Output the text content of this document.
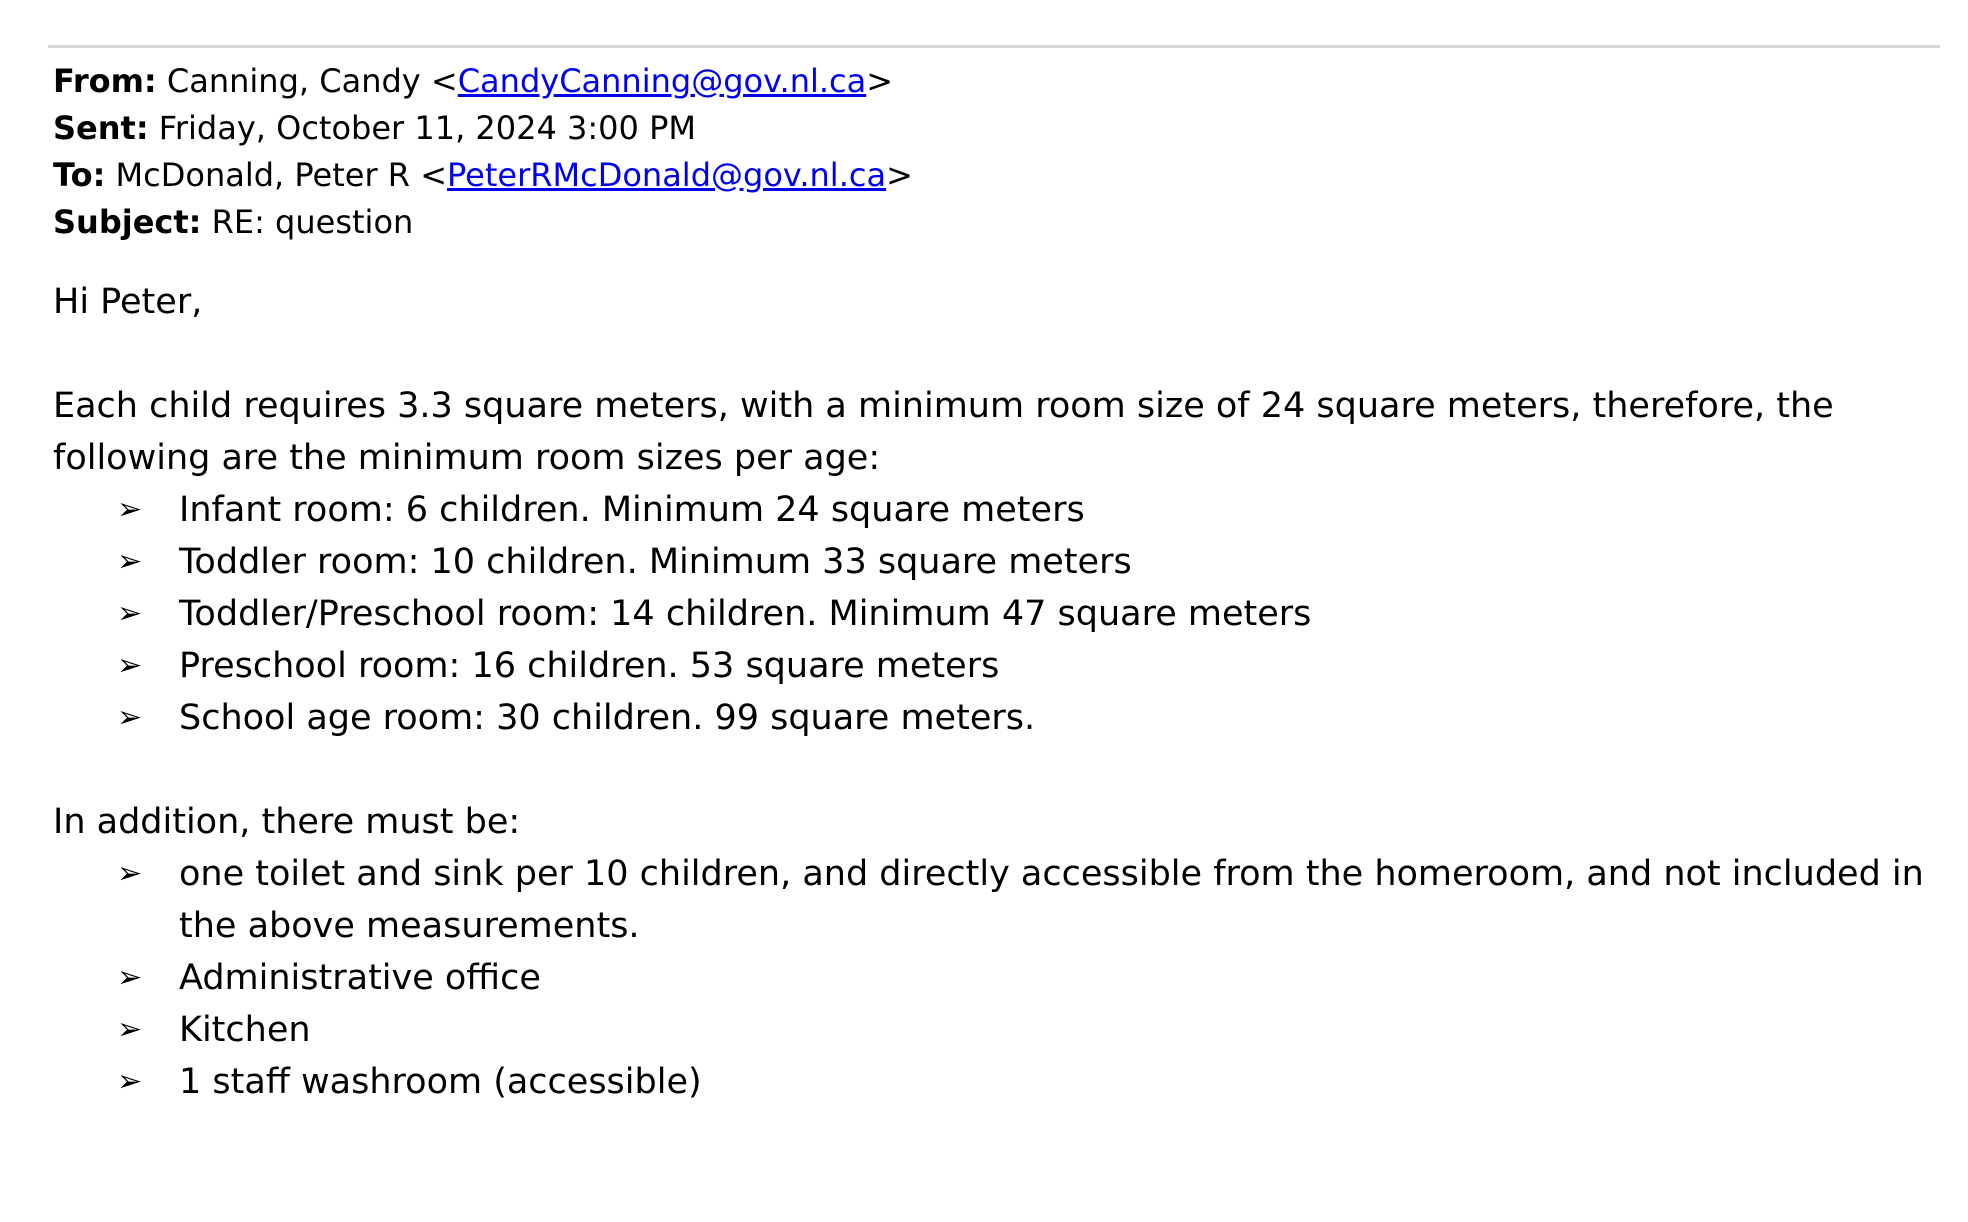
From: Canning, Candy <CandyCanning@gov.nl.ca>
Sent: Friday, October 11, 2024 3:00 PM
To: McDonald, Peter R <PeterRMcDonald@gov.nl.ca>
Subject: RE: question
Hi Peter,
Each child requires 3.3 square meters, with a minimum room size of 24 square meters, therefore, the following are the minimum room sizes per age:
➢ Infant room: 6 children. Minimum 24 square meters
➢ Toddler room: 10 children. Minimum 33 square meters
➢ Toddler/Preschool room: 14 children. Minimum 47 square meters
➢ Preschool room: 16 children. 53 square meters
➢ School age room: 30 children. 99 square meters.
In addition, there must be:
➢ one toilet and sink per 10 children, and directly accessible from the homeroom, and not included in the above measurements.
➢ Administrative office
➢ Kitchen
➢ 1 staff washroom (accessible)
